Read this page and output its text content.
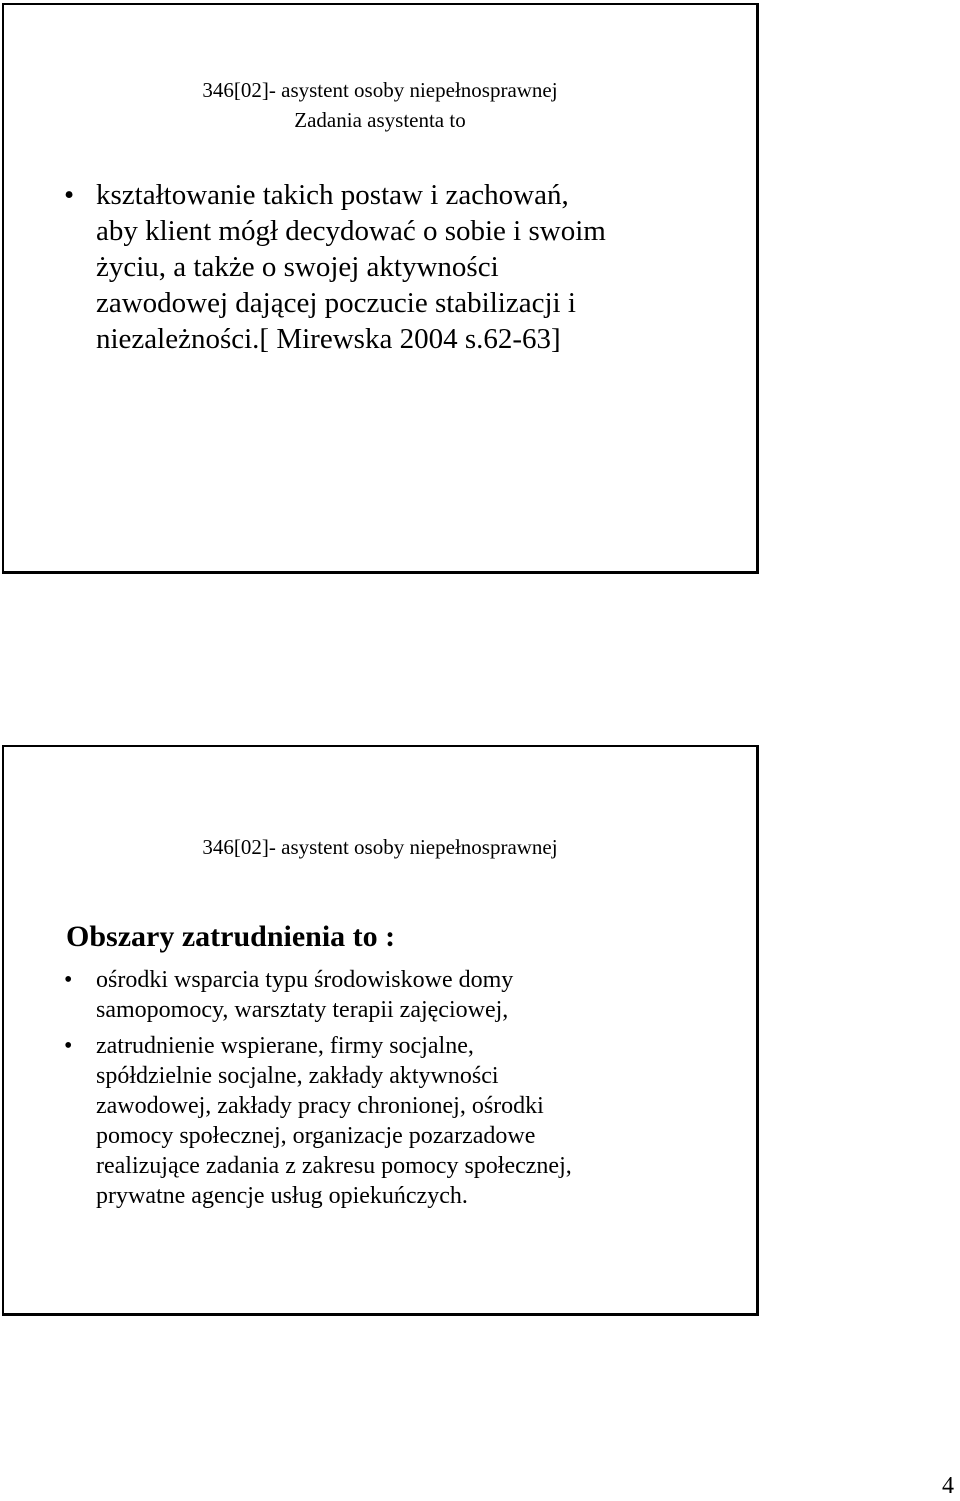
346[02]- asystent osoby niepełnosprawnej
Zadania asystenta to
• kształtowanie takich postaw i zachowań,
aby klient mógł decydować o sobie i swoim
życiu, a także o swojej aktywności
zawodowej dającej poczucie stabilizacji i
niezależności.[ Mirewska 2004 s.62-63]
346[02]- asystent osoby niepełnosprawnej
Obszary zatrudnienia to :
• ośrodki wsparcia typu środowiskowe domy
samopomocy, warsztaty terapii zajęciowej,
• zatrudnienie wspierane, firmy socjalne,
spółdzielnie socjalne, zakłady aktywności
zawodowej, zakłady pracy chronionej, ośrodki
pomocy społecznej, organizacje pozarzadowe
realizujące zadania z zakresu pomocy społecznej,
prywatne agencje usług opiekuńczych.
4
